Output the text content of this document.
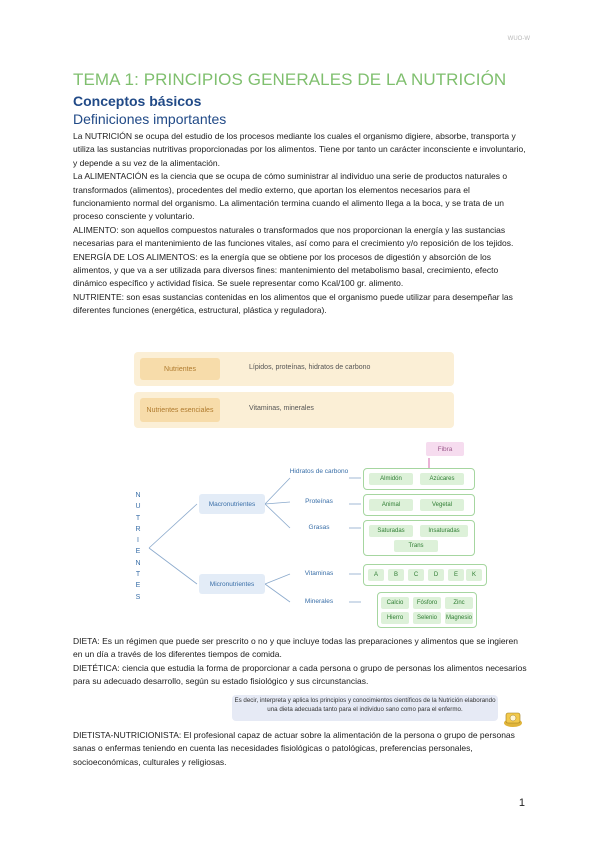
WUO-W
TEMA 1: PRINCIPIOS GENERALES DE LA NUTRICIÓN
Conceptos básicos
Definiciones importantes

La NUTRICIÓN se ocupa del estudio de los procesos mediante los cuales el organismo digiere, absorbe, transporta y utiliza las sustancias nutritivas proporcionadas por los alimentos. Tiene por tanto un carácter inconsciente e involuntario, y depende a su vez de la alimentación.

La ALIMENTACIÓN es la ciencia que se ocupa de cómo suministrar al individuo una serie de productos naturales o transformados (alimentos), procedentes del medio externo, que aportan los elementos necesarios para el funcionamiento normal del organismo. La alimentación termina cuando el alimento llega a la boca, y se trata de un proceso consciente y voluntario.

ALIMENTO: son aquellos compuestos naturales o transformados que nos proporcionan la energía y las sustancias necesarias para el mantenimiento de las funciones vitales, así como para el crecimiento y/o reposición de los tejidos.

ENERGÍA DE LOS ALIMENTOS: es la energía que se obtiene por los procesos de digestión y absorción de los alimentos, y que va a ser utilizada para diversos fines: mantenimiento del metabolismo basal, crecimiento, efecto dinámico específico y actividad física. Se suele representar como Kcal/100 gr. alimento.

NUTRIENTE: son esas sustancias contenidas en los alimentos que el organismo puede utilizar para desempeñar las diferentes funciones (energética, estructural, plástica y reguladora).

Nutrientes	Lípidos, proteínas, hidratos de carbono
Nutrientes esenciales	Vitaminas, minerales
N
U
T
R
I
E
N
T
E
S
Macronutrientes
Micronutrientes
Fibra
Hidratos de carbono
Proteínas
Grasas
Vitaminas
Minerales
Almidón	Azúcares
Animal	Vegetal
Saturadas	Insaturadas
Trans
A	B	C	D	E	K
Calcio	Fósforo	Zinc
Hierro	Selenio	Magnesio

DIETA: Es un régimen que puede ser prescrito o no y que incluye todas las preparaciones y alimentos que se ingieren en un día a través de los diferentes tiempos de comida.

DIETÉTICA: ciencia que estudia la forma de proporcionar a cada persona o grupo de personas los alimentos necesarios para su adecuado desarrollo, según su estado fisiológico y sus circunstancias.

Es decir, interpreta y aplica los principios y conocimientos científicos de la Nutrición elaborando una dieta adecuada tanto para el individuo sano como para el enfermo.

DIETISTA-NUTRICIONISTA: El profesional capaz de actuar sobre la alimentación de la persona o grupo de personas sanas o enfermas teniendo en cuenta las necesidades fisiológicas o patológicas, preferencias personales, socioeconómicas, culturales y religiosas.

1
